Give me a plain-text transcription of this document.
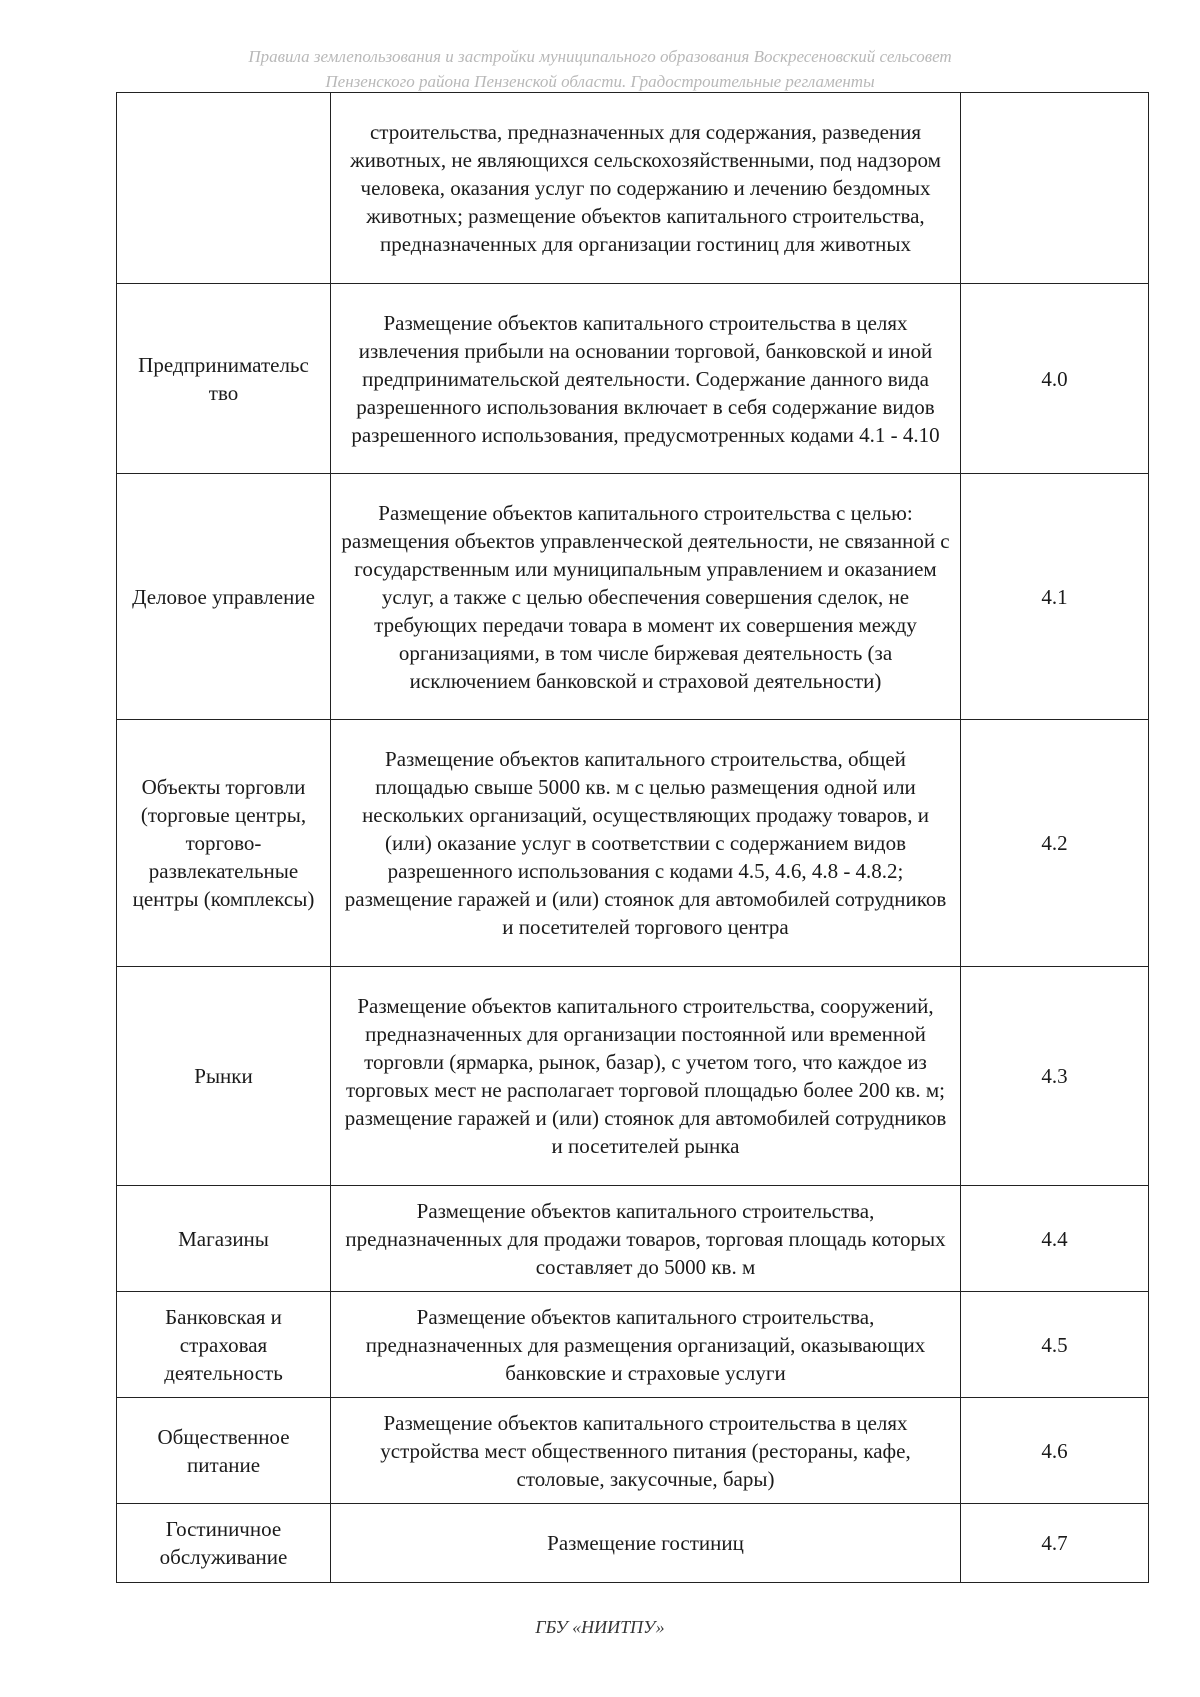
Правила землепользования и застройки муниципального образования Воскресеновский сельсовет
Пензенского района Пензенской области. Градостроительные регламенты
	строительства, предназначенных для содержания, разведения животных, не являющихся сельскохозяйственными, под надзором человека, оказания услуг по содержанию и лечению бездомных животных; размещение объектов капитального строительства, предназначенных для организации гостиниц для животных	
Предпринимательс тво	Размещение объектов капитального строительства в целях извлечения прибыли на основании торговой, банковской и иной предпринимательской деятельности. Содержание данного вида разрешенного использования включает в себя содержание видов разрешенного использования, предусмотренных кодами 4.1 - 4.10	4.0
Деловое управление	Размещение объектов капитального строительства с целью: размещения объектов управленческой деятельности, не связанной с государственным или муниципальным управлением и оказанием услуг, а также с целью обеспечения совершения сделок, не требующих передачи товара в момент их совершения между организациями, в том числе биржевая деятельность (за исключением банковской и страховой деятельности)	4.1
Объекты торговли (торговые центры, торгово-развлекательные центры (комплексы)	Размещение объектов капитального строительства, общей площадью свыше 5000 кв. м с целью размещения одной или нескольких организаций, осуществляющих продажу товаров, и (или) оказание услуг в соответствии с содержанием видов разрешенного использования с кодами 4.5, 4.6, 4.8 - 4.8.2; размещение гаражей и (или) стоянок для автомобилей сотрудников и посетителей торгового центра	4.2
Рынки	Размещение объектов капитального строительства, сооружений, предназначенных для организации постоянной или временной торговли (ярмарка, рынок, базар), с учетом того, что каждое из торговых мест не располагает торговой площадью более 200 кв. м; размещение гаражей и (или) стоянок для автомобилей сотрудников и посетителей рынка	4.3
Магазины	Размещение объектов капитального строительства, предназначенных для продажи товаров, торговая площадь которых составляет до 5000 кв. м	4.4
Банковская и страховая деятельность	Размещение объектов капитального строительства, предназначенных для размещения организаций, оказывающих банковские и страховые услуги	4.5
Общественное питание	Размещение объектов капитального строительства в целях устройства мест общественного питания (рестораны, кафе, столовые, закусочные, бары)	4.6
Гостиничное обслуживание	Размещение гостиниц	4.7
ГБУ «НИИТПУ»
